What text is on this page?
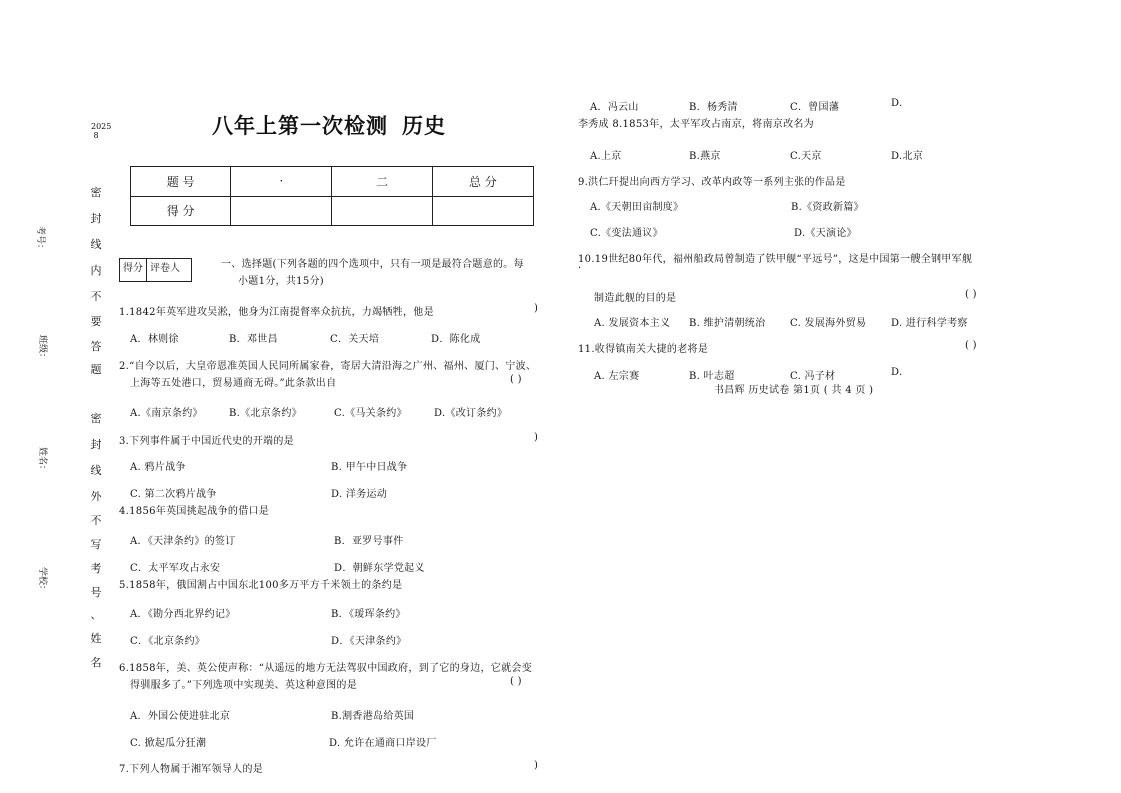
2025 8
密
封
线
内
不
要
答
题
密
封
线
外
不
写
考
号
、
姓
名
考号：
班级：
姓名：
学校：
八年上第一次检测 历史
题 号	·	二	总 分
得 分			
得分	评卷人	一、选择题(下列各题的四个选项中，只有一项是最符合题意的。每
小题1分，共15分)
1.1842年英军进攻吴淞，他身为江南提督率众抗抗，力竭牺牲，他是	)
A．林则徐	B．邓世昌	C．关天培	D．陈化成
2.“自今以后，大皇帝恩准英国人民同所属家眷，寄居大清沿海之广州、福州、厦门、宁波、
上海等五处港口，贸易通商无碍。”此条款出自	( )
A.《南京条约》	B.《北京条约》	C.《马关条约》	D.《改订条约》
3.下列事件属于中国近代史的开端的是	)
A. 鸦片战争	B. 甲午中日战争
C. 第二次鸦片战争	D. 洋务运动
4.1856年英国挑起战争的借口是
A．《天津条约》的签订	B．亚罗号事件
C．太平军攻占永安	D．朝鲜东学党起义
5.1858年，俄国割占中国东北100多万平方千米领土的条约是
A．《勘分西北界约记》	B．《瑷珲条约》
C．《北京条约》	D．《天津条约》
6.1858年，美、英公使声称：“从遥远的地方无法驾驭中国政府，到了它的身边，它就会变
得驯服多了。”下列选项中实现美、英这种意图的是	( )
A．外国公使进驻北京	B.割香港岛给英国
C. 掀起瓜分狂潮	D. 允许在通商口岸设厂
7.下列人物属于湘军领导人的是	)
A．冯云山	B．杨秀清	C．曾国藩	D.
李秀成 8.1853年，太平军攻占南京，将南京改名为
A.上京	B.燕京	C.天京	D.北京
9.洪仁玕提出向西方学习、改革内政等一系列主张的作品是
A.《天朝田亩制度》	B.《资政新篇》
C.《变法通议》	D.《天演论》
10.19世纪80年代，福州船政局曾制造了铁甲舰“平远号”，这是中国第一艘全钢甲军舰
·
制造此舰的目的是	( )
A. 发展资本主义 B. 维护清朝统治 C. 发展海外贸易 D. 进行科学考察
11.收得镇南关大捷的老将是	( )
A. 左宗赛	B. 叶志超	C. 冯子材	D.
书昌辉 历史试卷 第1页 ( 共 4 页 )
